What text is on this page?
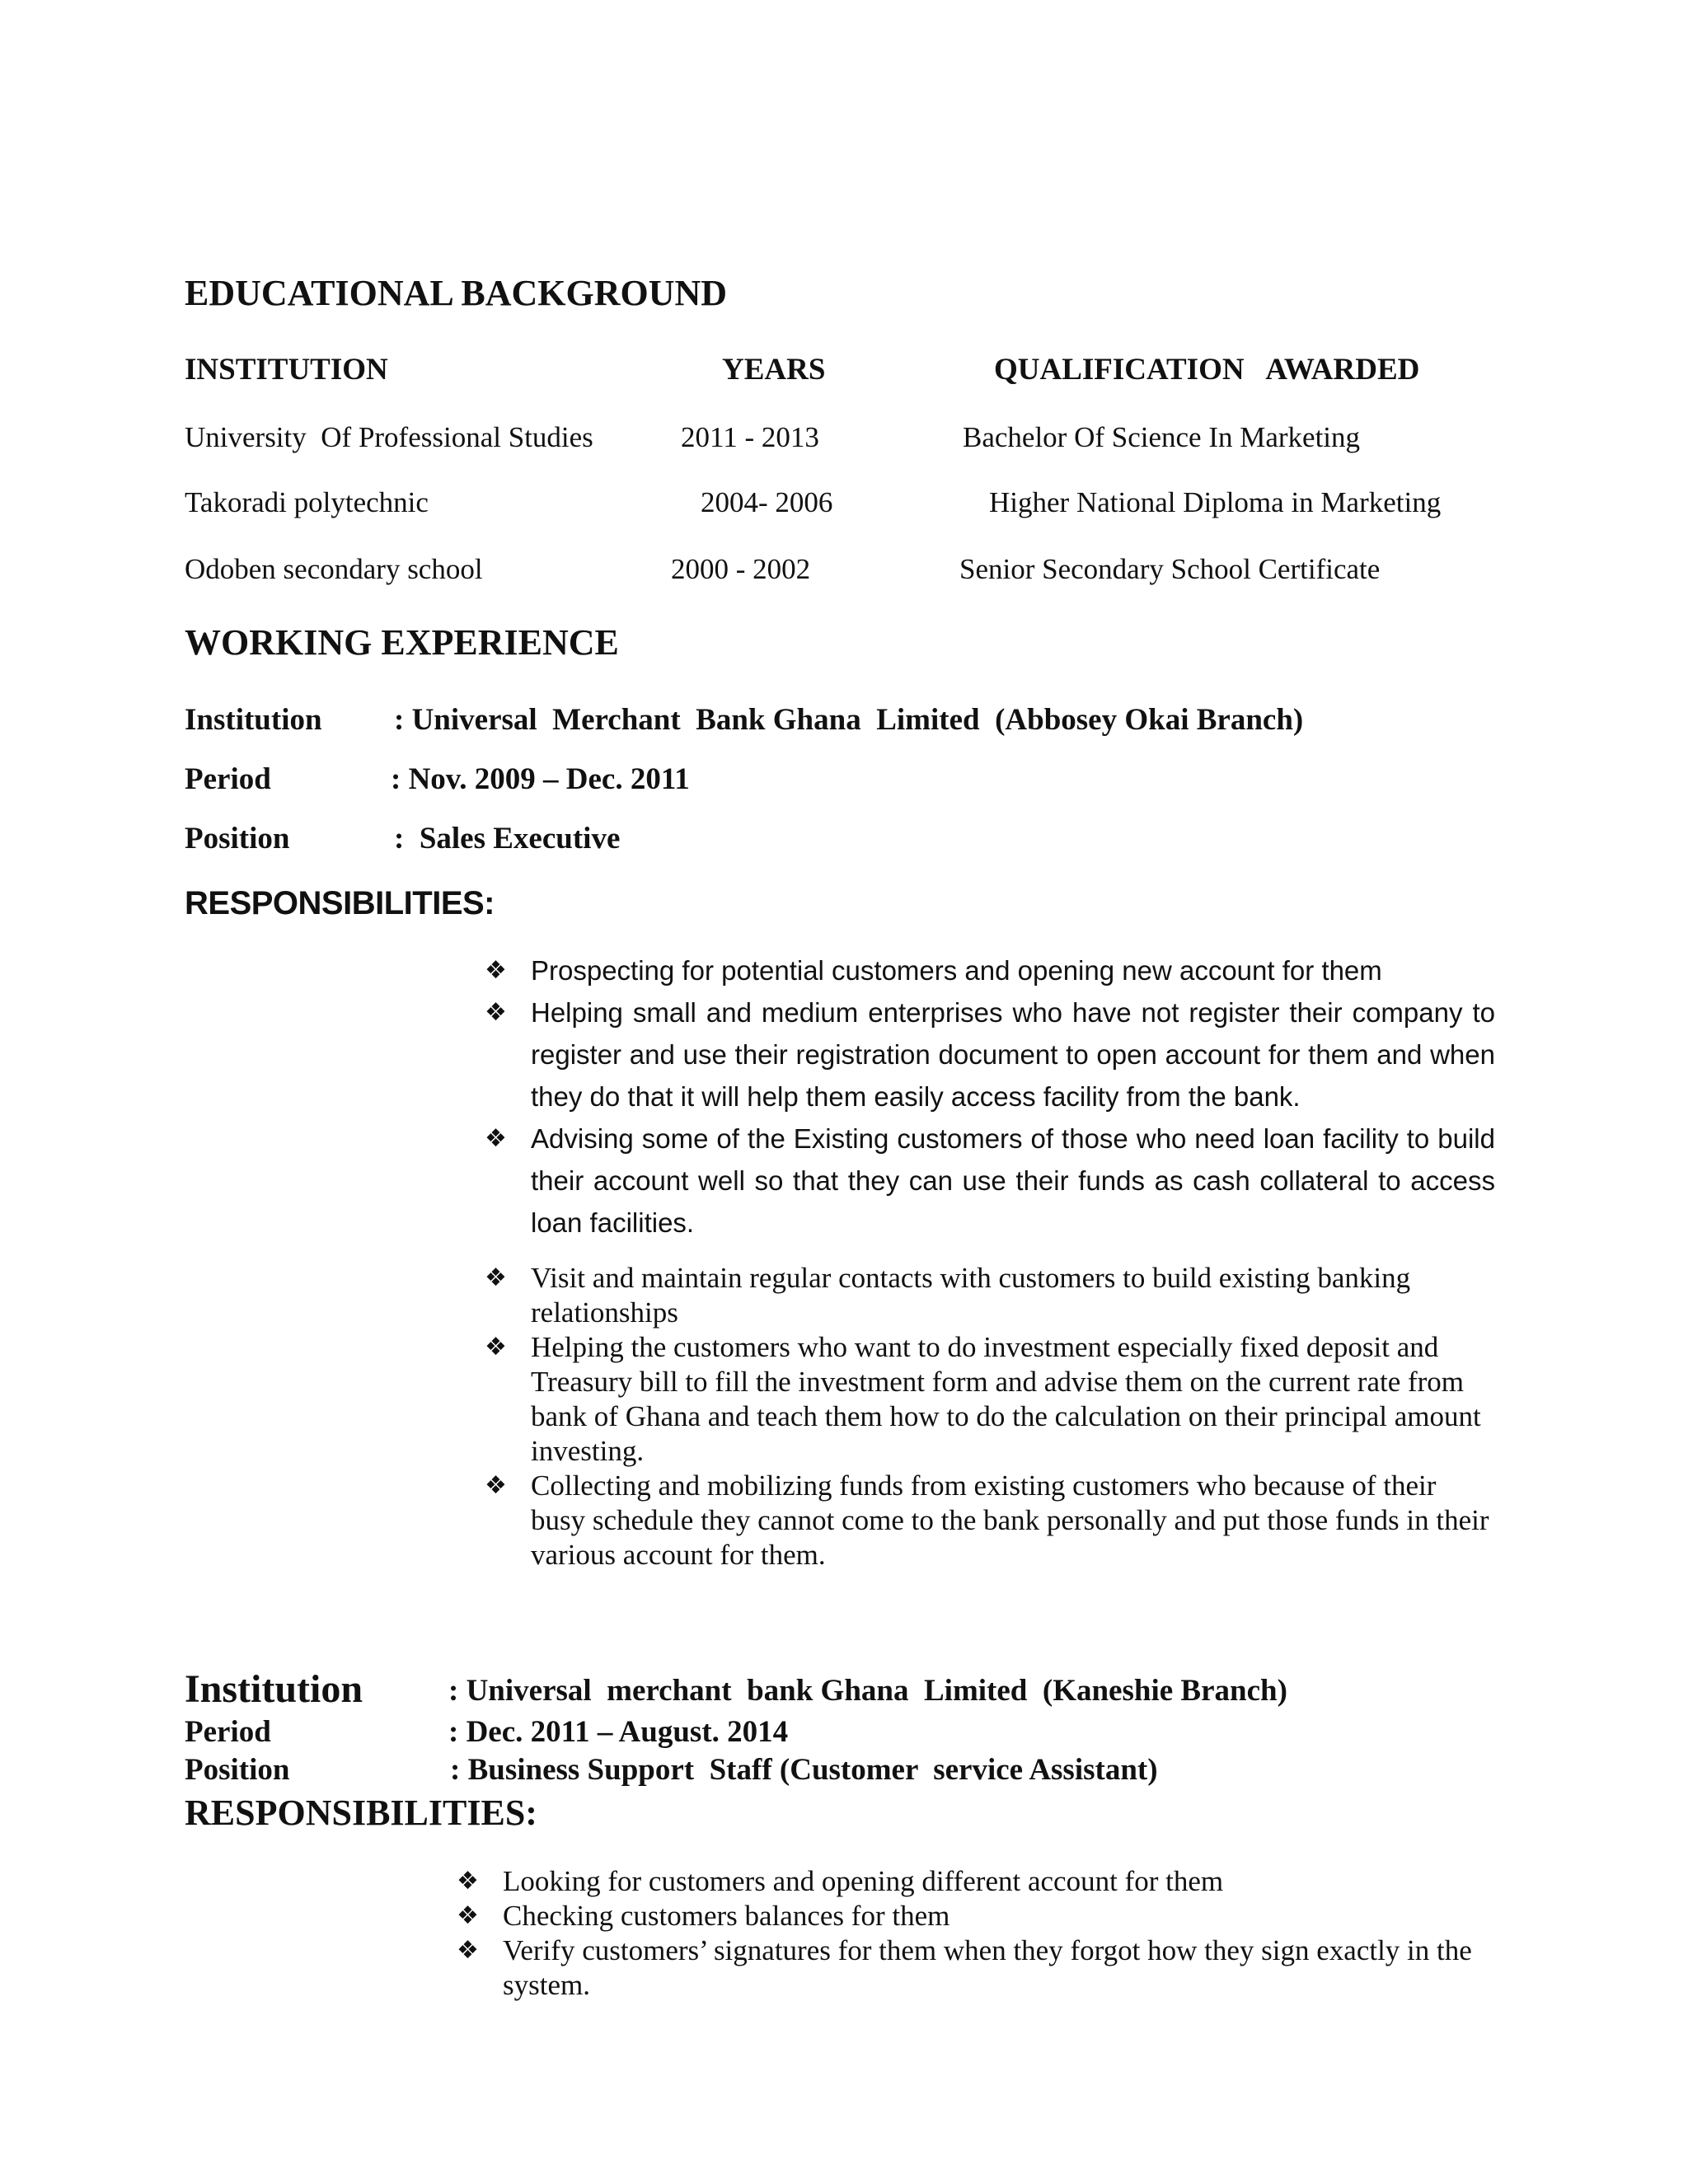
EDUCATIONAL BACKGROUND
INSTITUTION	YEARS	QUALIFICATION   AWARDED
University  Of Professional Studies	2011 - 2013	Bachelor Of Science In Marketing
Takoradi polytechnic	2004- 2006	Higher National Diploma in Marketing
Odoben secondary school	2000 - 2002	Senior Secondary School Certificate
WORKING EXPERIENCE
Institution : Universal  Merchant  Bank Ghana  Limited  (Abbosey Okai Branch)
Period	: Nov. 2009 – Dec. 2011
Position	:  Sales Executive
RESPONSIBILITIES:
❖ Prospecting for potential customers and opening new account for them
❖ Helping small and medium enterprises who have not register their company to register and use their registration document to open account for them and when they do that it will help them easily access facility from the bank.
❖ Advising some of the Existing customers of those who need loan facility to build their account well so that they can use their funds as cash collateral to access loan facilities.
❖ Visit and maintain regular contacts with customers to build existing banking relationships
❖ Helping the customers who want to do investment especially fixed deposit and Treasury bill to fill the investment form and advise them on the current rate from bank of Ghana and teach them how to do the calculation on their principal amount investing.
❖ Collecting and mobilizing funds from existing customers who because of their busy schedule they cannot come to the bank personally and put those funds in their various account for them.
Institution	: Universal  merchant  bank Ghana  Limited  (Kaneshie Branch)
Period	: Dec. 2011 – August. 2014
Position	: Business Support  Staff (Customer  service Assistant)
RESPONSIBILITIES:
❖ Looking for customers and opening different account for them
❖ Checking customers balances for them
❖ Verify customers’ signatures for them when they forgot how they sign exactly in the system.
